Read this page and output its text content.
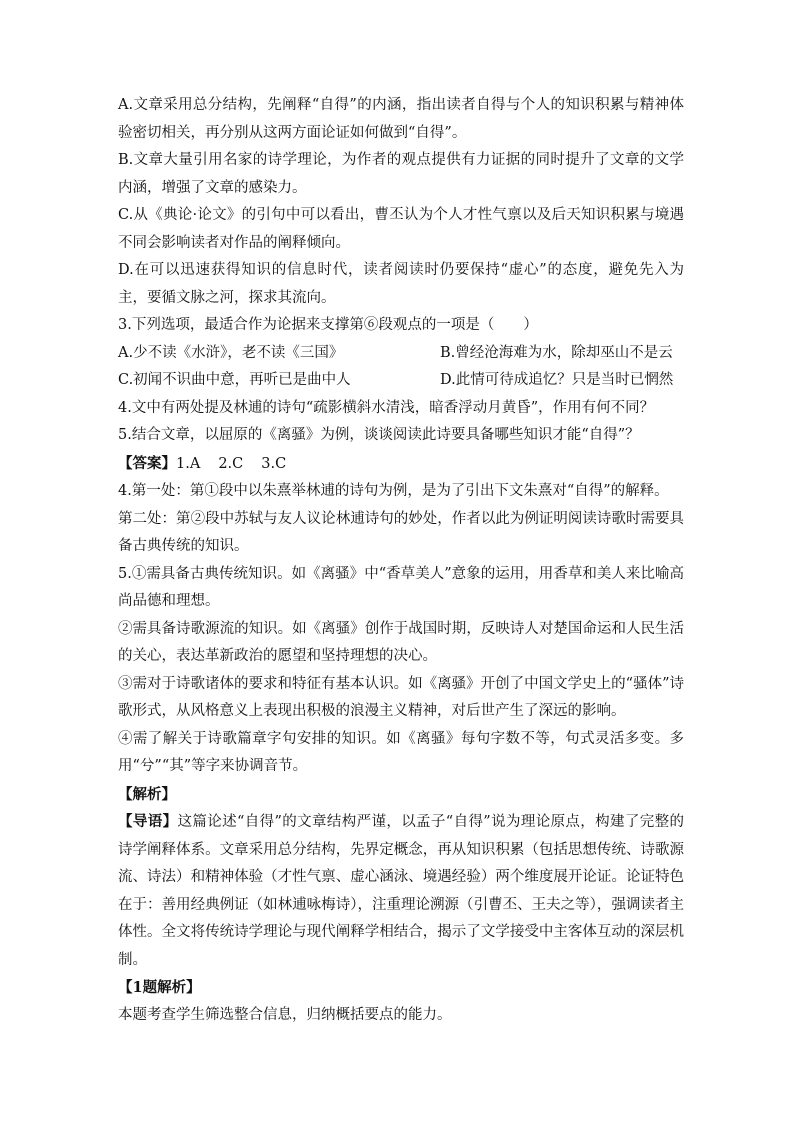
A.文章采用总分结构，先阐释“自得”的内涵，指出读者自得与个人的知识积累与精神体验密切相关，再分别从这两方面论证如何做到“自得”。

B.文章大量引用名家的诗学理论，为作者的观点提供有力证据的同时提升了文章的文学内涵，增强了文章的感染力。

C.从《典论·论文》的引句中可以看出，曹丕认为个人才性气禀以及后天知识积累与境遇不同会影响读者对作品的阐释倾向。

D.在可以迅速获得知识的信息时代，读者阅读时仍要保持“虚心”的态度，避免先入为主，要循文脉之河，探求其流向。

3.下列选项，最适合作为论据来支撑第⑥段观点的一项是（　　）

A.少不读《水浒》，老不读《三国》	B.曾经沧海难为水，除却巫山不是云
C.初闻不识曲中意，再听已是曲中人	D.此情可待成追忆？只是当时已惘然

4.文中有两处提及林逋的诗句“疏影横斜水清浅，暗香浮动月黄昏”，作用有何不同？

5.结合文章，以屈原的《离骚》为例，谈谈阅读此诗要具备哪些知识才能“自得”？

【答案】1.A 2.C 3.C

4.第一处：第①段中以朱熹举林逋的诗句为例，是为了引出下文朱熹对“自得”的解释。

第二处：第②段中苏轼与友人议论林逋诗句的妙处，作者以此为例证明阅读诗歌时需要具备古典传统的知识。

5.①需具备古典传统知识。如《离骚》中“香草美人”意象的运用，用香草和美人来比喻高尚品德和理想。

②需具备诗歌源流的知识。如《离骚》创作于战国时期，反映诗人对楚国命运和人民生活的关心，表达革新政治的愿望和坚持理想的决心。

③需对于诗歌诸体的要求和特征有基本认识。如《离骚》开创了中国文学史上的“骚体”诗歌形式，从风格意义上表现出积极的浪漫主义精神，对后世产生了深远的影响。

④需了解关于诗歌篇章字句安排的知识。如《离骚》每句字数不等，句式灵活多变。多用“兮”“其”等字来协调音节。

【解析】

【导语】这篇论述“自得”的文章结构严谨，以孟子“自得”说为理论原点，构建了完整的诗学阐释体系。文章采用总分结构，先界定概念，再从知识积累（包括思想传统、诗歌源流、诗法）和精神体验（才性气禀、虚心涵泳、境遇经验）两个维度展开论证。论证特色在于：善用经典例证（如林逋咏梅诗），注重理论溯源（引曹丕、王夫之等），强调读者主体性。全文将传统诗学理论与现代阐释学相结合，揭示了文学接受中主客体互动的深层机制。

【1题解析】

本题考查学生筛选整合信息，归纳概括要点的能力。
